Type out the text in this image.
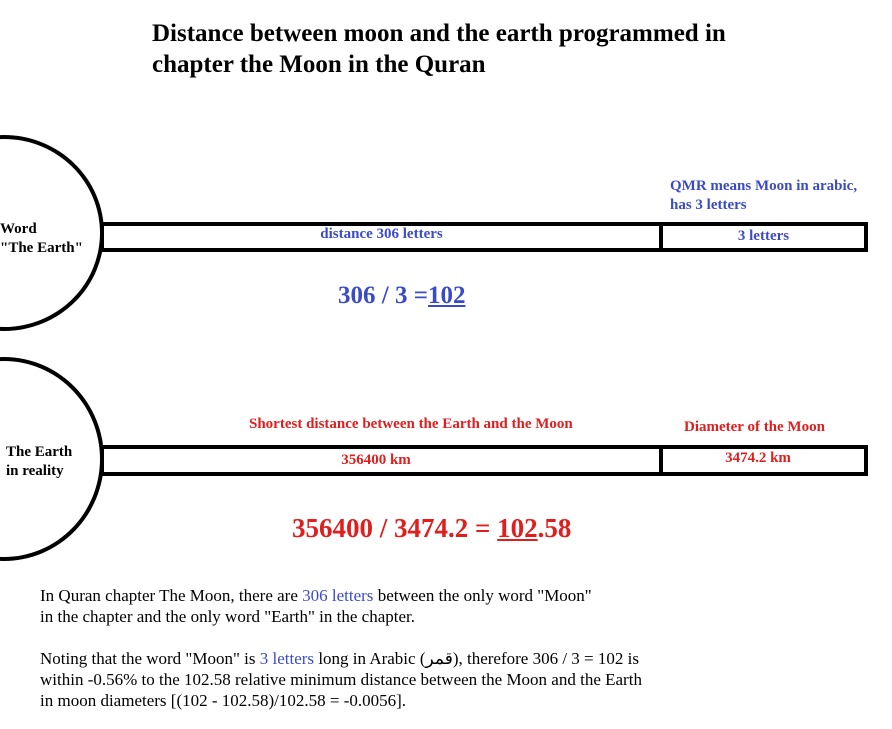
Distance between moon and the earth programmed in
chapter the Moon in the Quran
Word
"The Earth"
distance 306 letters	3 letters
QMR means Moon in arabic,
has 3 letters
306 / 3 =102
The Earth
in reality
Shortest distance between the Earth and the Moon	Diameter of the Moon
356400 km	3474.2 km
356400 / 3474.2 = 102.58
In Quran chapter The Moon, there are 306 letters between the only word "Moon"
in the chapter and the only word "Earth" in the chapter.
Noting that the word "Moon" is 3 letters long in Arabic (قمر), therefore 306 / 3 = 102 is
within -0.56% to the 102.58 relative minimum distance between the Moon and the Earth
in moon diameters [(102 - 102.58)/102.58 = -0.0056].
